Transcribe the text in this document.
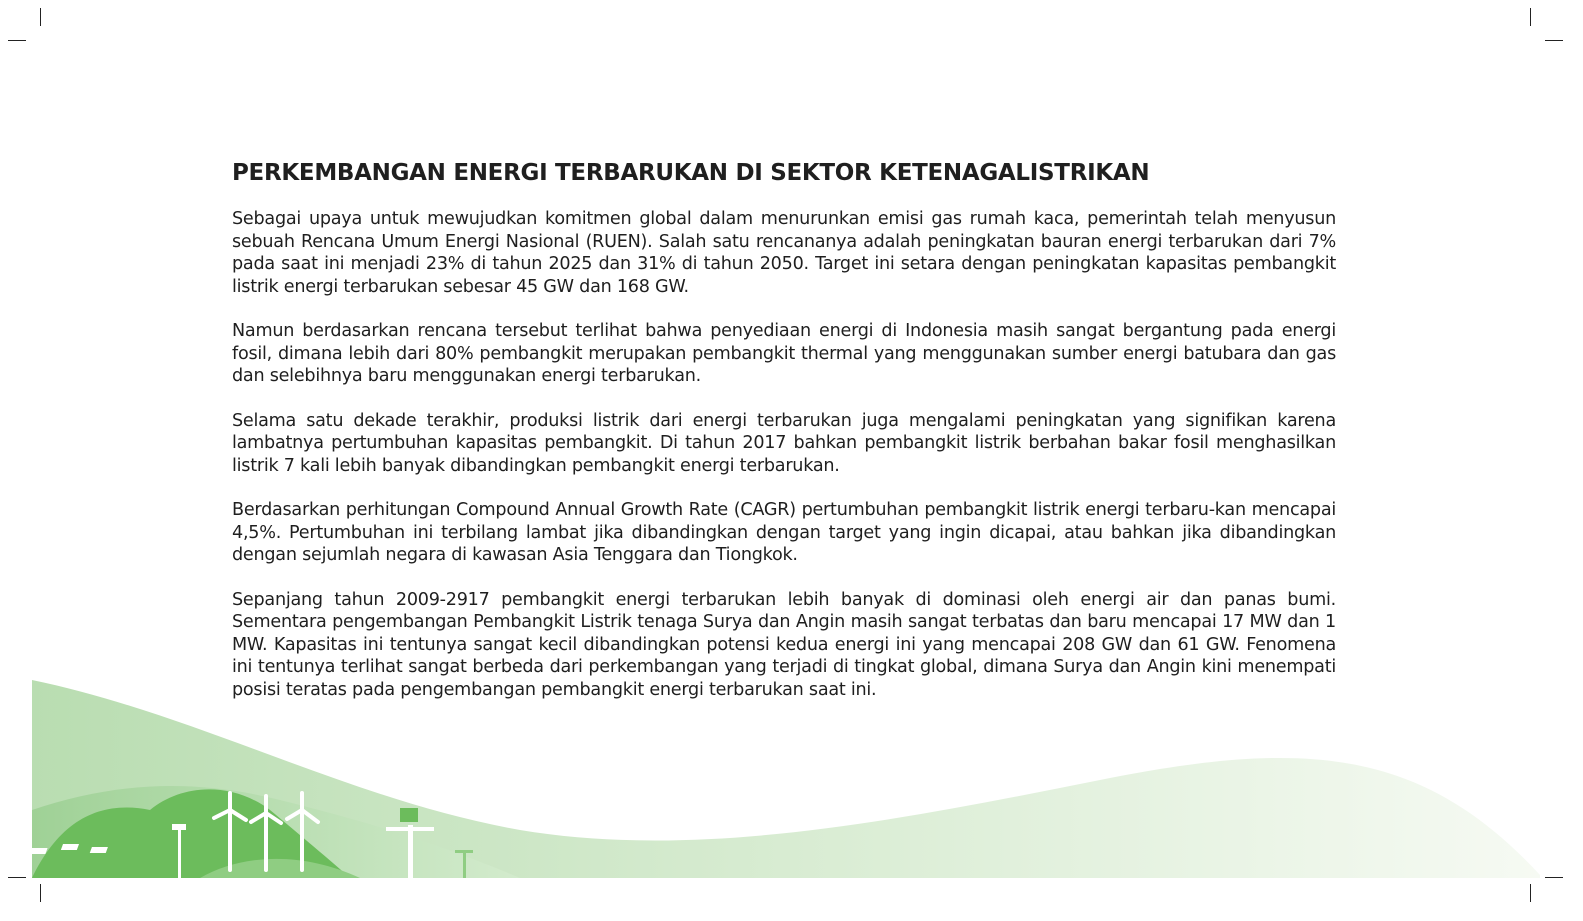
PERKEMBANGAN ENERGI TERBARUKAN DI SEKTOR KETENAGALISTRIKAN

Sebagai upaya untuk mewujudkan komitmen global dalam menurunkan emisi gas rumah kaca, pemerintah telah menyusun sebuah Rencana Umum Energi Nasional (RUEN). Salah satu rencananya adalah peningkatan bauran energi terbarukan dari 7% pada saat ini menjadi 23% di tahun 2025 dan 31% di tahun 2050. Target ini setara dengan peningkatan kapasitas pembangkit listrik energi terbarukan sebesar 45 GW dan 168 GW.

Namun berdasarkan rencana tersebut terlihat bahwa penyediaan energi di Indonesia masih sangat bergantung pada energi fosil, dimana lebih dari 80% pembangkit merupakan pembangkit thermal yang menggunakan sumber energi batubara dan gas dan selebihnya baru menggunakan energi terbarukan.

Selama satu dekade terakhir, produksi listrik dari energi terbarukan juga mengalami peningkatan yang signifikan karena lambatnya pertumbuhan kapasitas pembangkit. Di tahun 2017 bahkan pembangkit listrik berbahan bakar fosil menghasilkan listrik 7 kali lebih banyak dibandingkan pembangkit energi terbarukan.

Berdasarkan perhitungan Compound Annual Growth Rate (CAGR) pertumbuhan pembangkit listrik energi terbaru-kan mencapai 4,5%. Pertumbuhan ini terbilang lambat jika dibandingkan dengan target yang ingin dicapai, atau bahkan jika dibandingkan dengan sejumlah negara di kawasan Asia Tenggara dan Tiongkok.

Sepanjang tahun 2009-2917 pembangkit energi terbarukan lebih banyak di dominasi oleh energi air dan panas bumi. Sementara pengembangan Pembangkit Listrik tenaga Surya dan Angin masih sangat terbatas dan baru mencapai 17 MW dan 1 MW. Kapasitas ini tentunya sangat kecil dibandingkan potensi kedua energi ini yang mencapai 208 GW dan 61 GW. Fenomena ini tentunya terlihat sangat berbeda dari perkembangan yang terjadi di tingkat global, dimana Surya dan Angin kini menempati posisi teratas pada pengembangan pembangkit energi terbarukan saat ini.
